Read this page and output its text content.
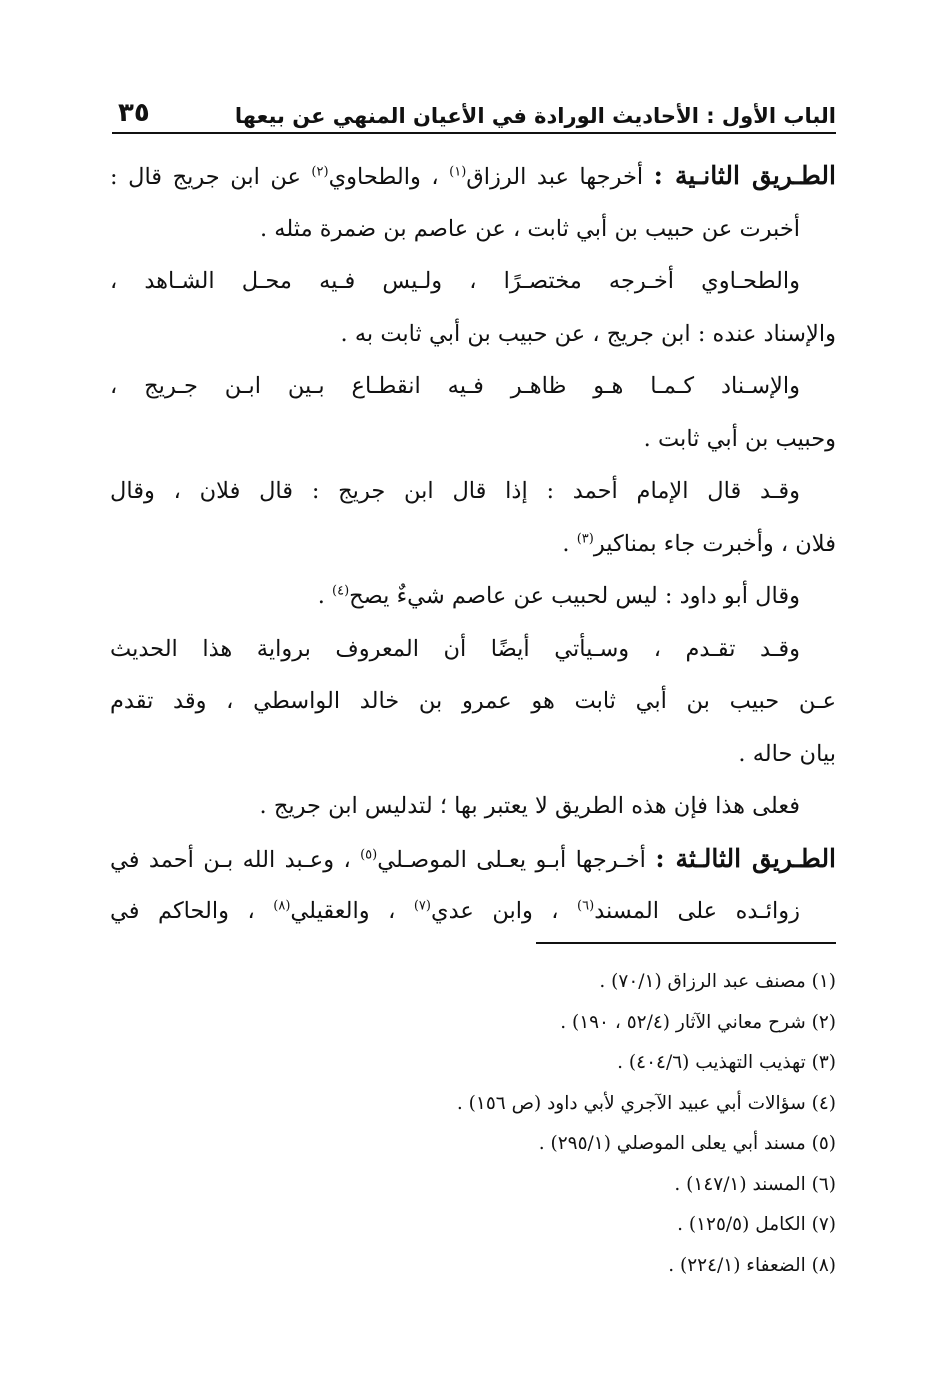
الباب الأول : الأحاديث الورادة في الأعيان المنهي عن بيعها
٣٥
الطـريق الثانـية : أخرجها عبد الرزاق$^{(١)}$ ، والطحاوي$^{(٢)}$ عن ابن جريج قال :
أخبرت عن حبيب بن أبي ثابت ، عن عاصم بن ضمرة مثله .
والطحـاوي أخـرجه مختصـرًا ، ولـيس فـيه محـل الشـاهد ،
والإسناد عنده : ابن جريج ، عن حبيب بن أبي ثابت به .
والإسـناد كـمـا هـو ظاهـر فـيه انقطـاع بـين ابـن جـريج ،
وحبيب بن أبي ثابت .
وقـد قال الإمام أحمد : إذا قال ابن جريج : قال فلان ، وقال
فلان ، وأخبرت جاء بمناكير$^{(٣)}$ .
وقال أبو داود : ليس لحبيب عن عاصم شيءٌ يصح$^{(٤)}$ .
وقـد تقـدم ، وسـيأتي أيضًا أن المعروف برواية هذا الحديث
عـن حبيب بن أبي ثابت هو عمرو بن خالد الواسطي ، وقد تقدم
بيان حاله .
فعلى هذا فإن هذه الطريق لا يعتبر بها ؛ لتدليس ابن جريج .
الطـريق الثالـثة : أخـرجها أبـو يعـلى الموصـلي$^{(٥)}$ ، وعـبد الله بـن أحمد في
زوائـده على المسند$^{(٦)}$ ، وابن عدي$^{(٧)}$ ، والعقيلي$^{(٨)}$ ، والحاكم في
(١) مصنف عبد الرزاق (٧٠/١) .
(٢) شرح معاني الآثار (٥٢/٤ ، ١٩٠) .
(٣) تهذيب التهذيب (٤٠٤/٦) .
(٤) سؤالات أبي عبيد الآجري لأبي داود (ص ١٥٦) .
(٥) مسند أبي يعلى الموصلي (٢٩٥/١) .
(٦) المسند (١٤٧/١) .
(٧) الكامل (١٢٥/٥) .
(٨) الضعفاء (٢٢٤/١) .
